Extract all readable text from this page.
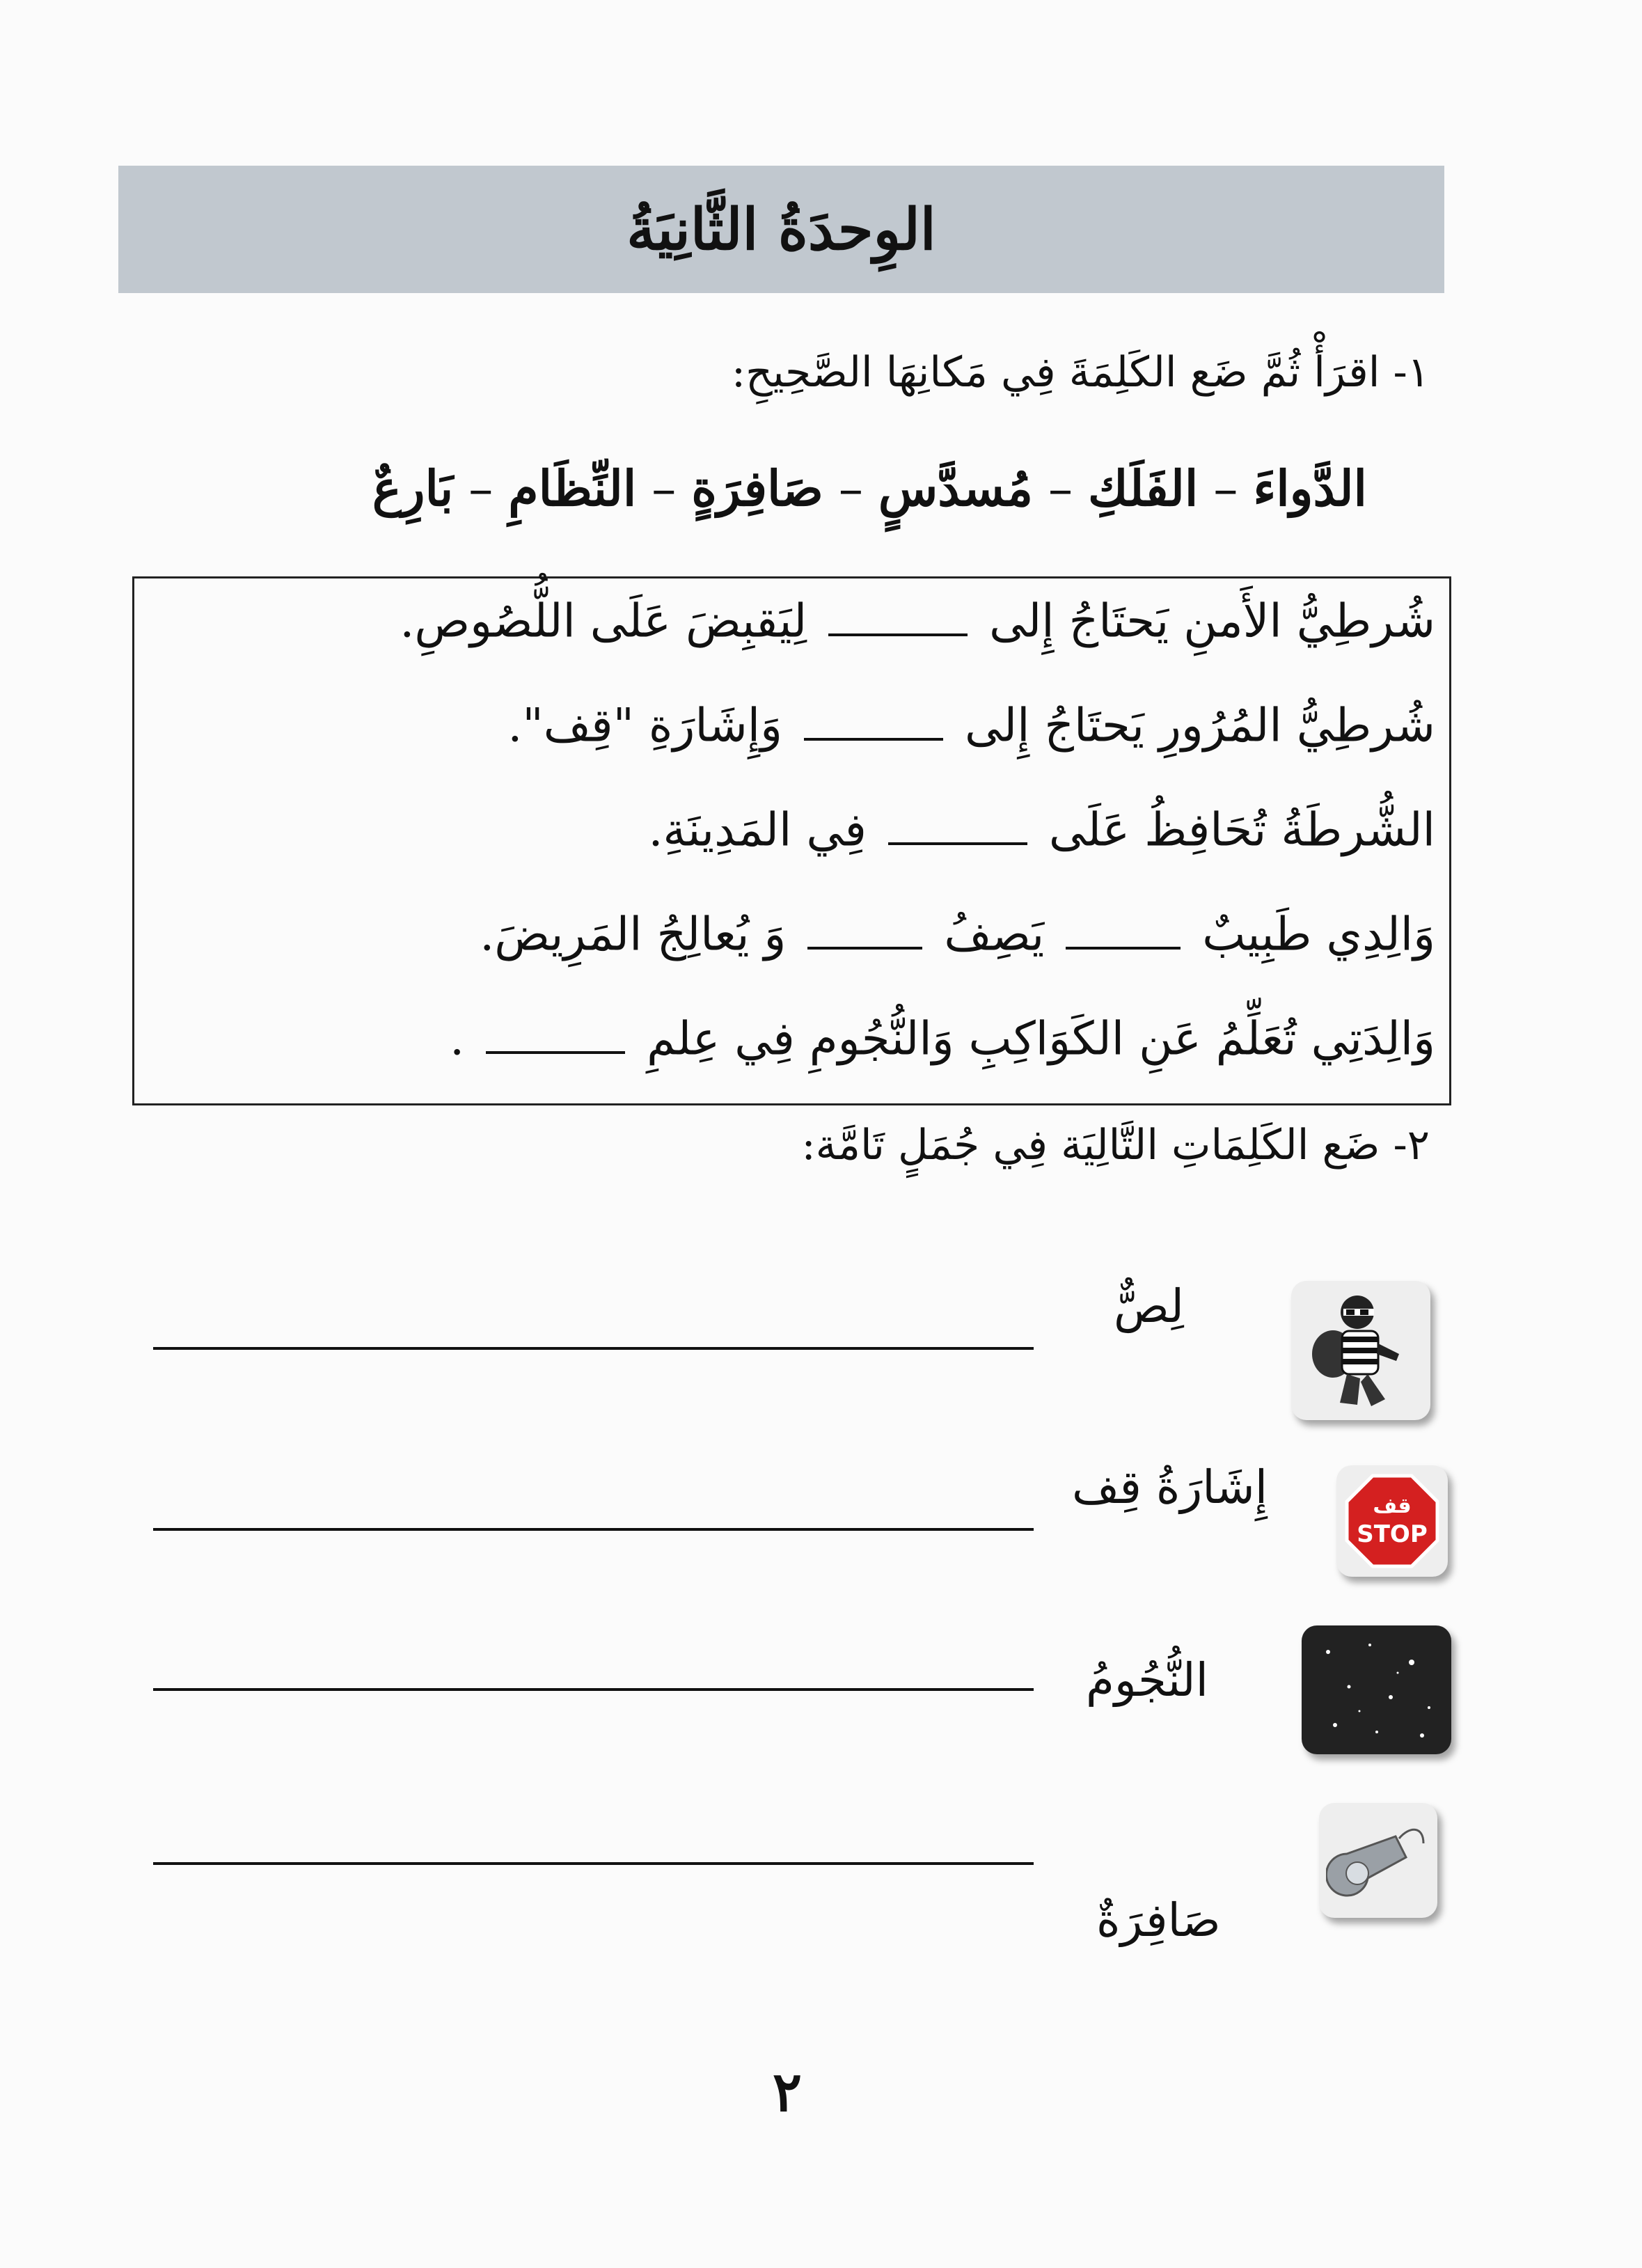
الوِحدَةُ الثَّانِيَةُ
١- اقرَأْ ثُمَّ ضَع الكَلِمَةَ فِي مَكانِهَا الصَّحِيحِ:
الدَّواءَ–الفَلَكِ–مُسدَّسٍ–صَافِرَةٍ–النِّظَامِ–بَارِعٌ
شُرطِيُّ الأَمنِ يَحتَاجُ إِلى  لِيَقبِضَ عَلَى اللُّصُوصِ.
شُرطِيُّ المُرُورِ يَحتَاجُ إِلى  وَإِشَارَةِ "قِف".
الشُّرطَةُ تُحَافِظُ عَلَى  فِي المَدِينَةِ.
وَالِدِي طَبِيبٌ  يَصِفُ  وَ يُعالِجُ المَرِيضَ.
وَالِدَتِي تُعَلِّمُ عَنِ الكَوَاكِبِ وَالنُّجُومِ فِي عِلمِ  .
٢- ضَع الكَلِمَاتِ التَّالِيَة فِي جُمَلٍ تَامَّة:
لِصٌّ
قف
STOP
إِشَارَةُ قِف
النُّجُومُ
صَافِرَةٌ
٢
